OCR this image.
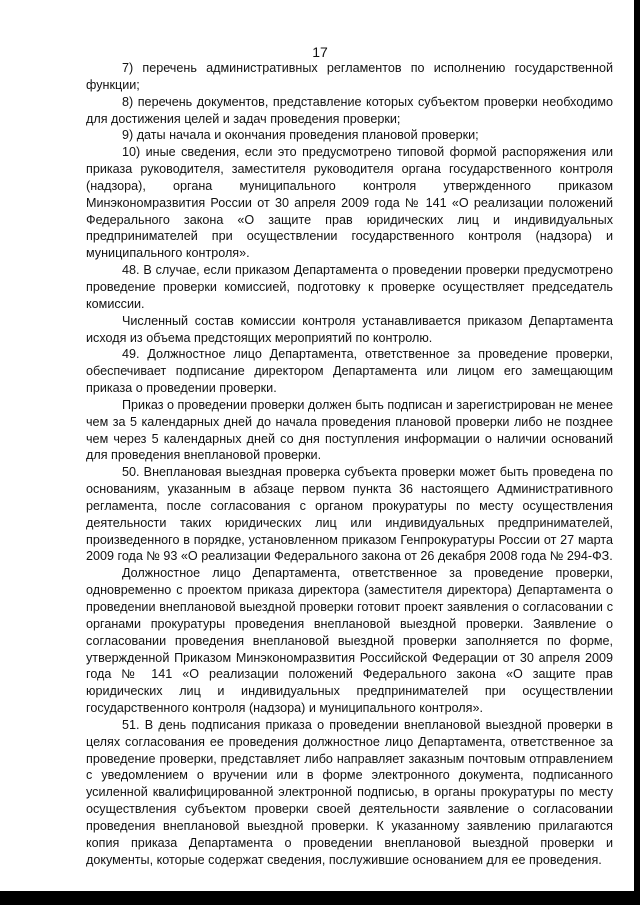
17

7) перечень административных регламентов по исполнению государственной функции;

8) перечень документов, представление которых субъектом проверки необходимо для достижения целей и задач проведения проверки;

9) даты начала и окончания проведения плановой проверки;

10) иные сведения, если это предусмотрено типовой формой распоряжения или приказа руководителя, заместителя руководителя органа государственного контроля (надзора), органа муниципального контроля утвержденного приказом Минэкономразвития России от 30 апреля 2009 года № 141 «О реализации положений Федерального закона «О защите прав юридических лиц и индивидуальных предпринимателей при осуществлении государственного контроля (надзора) и муниципального контроля».

48. В случае, если приказом Департамента о проведении проверки предусмотрено проведение проверки комиссией, подготовку к проверке осуществляет председатель комиссии.

Численный состав комиссии контроля устанавливается приказом Департамента исходя из объема предстоящих мероприятий по контролю.

49. Должностное лицо Департамента, ответственное за проведение проверки, обеспечивает подписание директором Департамента или лицом его замещающим приказа о проведении проверки.

Приказ о проведении проверки должен быть подписан и зарегистрирован не менее чем за 5 календарных дней до начала проведения плановой проверки либо не позднее чем через 5 календарных дней со дня поступления информации о наличии оснований для проведения внеплановой проверки.

50. Внеплановая выездная проверка субъекта проверки может быть проведена по основаниям, указанным в абзаце первом пункта 36 настоящего Административного регламента, после согласования с органом прокуратуры по месту осуществления деятельности таких юридических лиц или индивидуальных предпринимателей, произведенного в порядке, установленном приказом Генпрокуратуры России от 27 марта 2009 года № 93 «О реализации Федерального закона от 26 декабря 2008 года № 294-ФЗ.

Должностное лицо Департамента, ответственное за проведение проверки, одновременно с проектом приказа директора (заместителя директора) Департамента о проведении внеплановой выездной проверки готовит проект заявления о согласовании с органами прокуратуры проведения внеплановой выездной проверки. Заявление о согласовании проведения внеплановой выездной проверки заполняется по форме, утвержденной Приказом Минэкономразвития Российской Федерации от 30 апреля 2009 года № 141 «О реализации положений Федерального закона «О защите прав юридических лиц и индивидуальных предпринимателей при осуществлении государственного контроля (надзора) и муниципального контроля».

51. В день подписания приказа о проведении внеплановой выездной проверки в целях согласования ее проведения должностное лицо Департамента, ответственное за проведение проверки, представляет либо направляет заказным почтовым отправлением с уведомлением о вручении или в форме электронного документа, подписанного усиленной квалифицированной электронной подписью, в органы прокуратуры по месту осуществления субъектом проверки своей деятельности заявление о согласовании проведения внеплановой выездной проверки. К указанному заявлению прилагаются копия приказа Департамента о проведении внеплановой выездной проверки и документы, которые содержат сведения, послужившие основанием для ее проведения.
